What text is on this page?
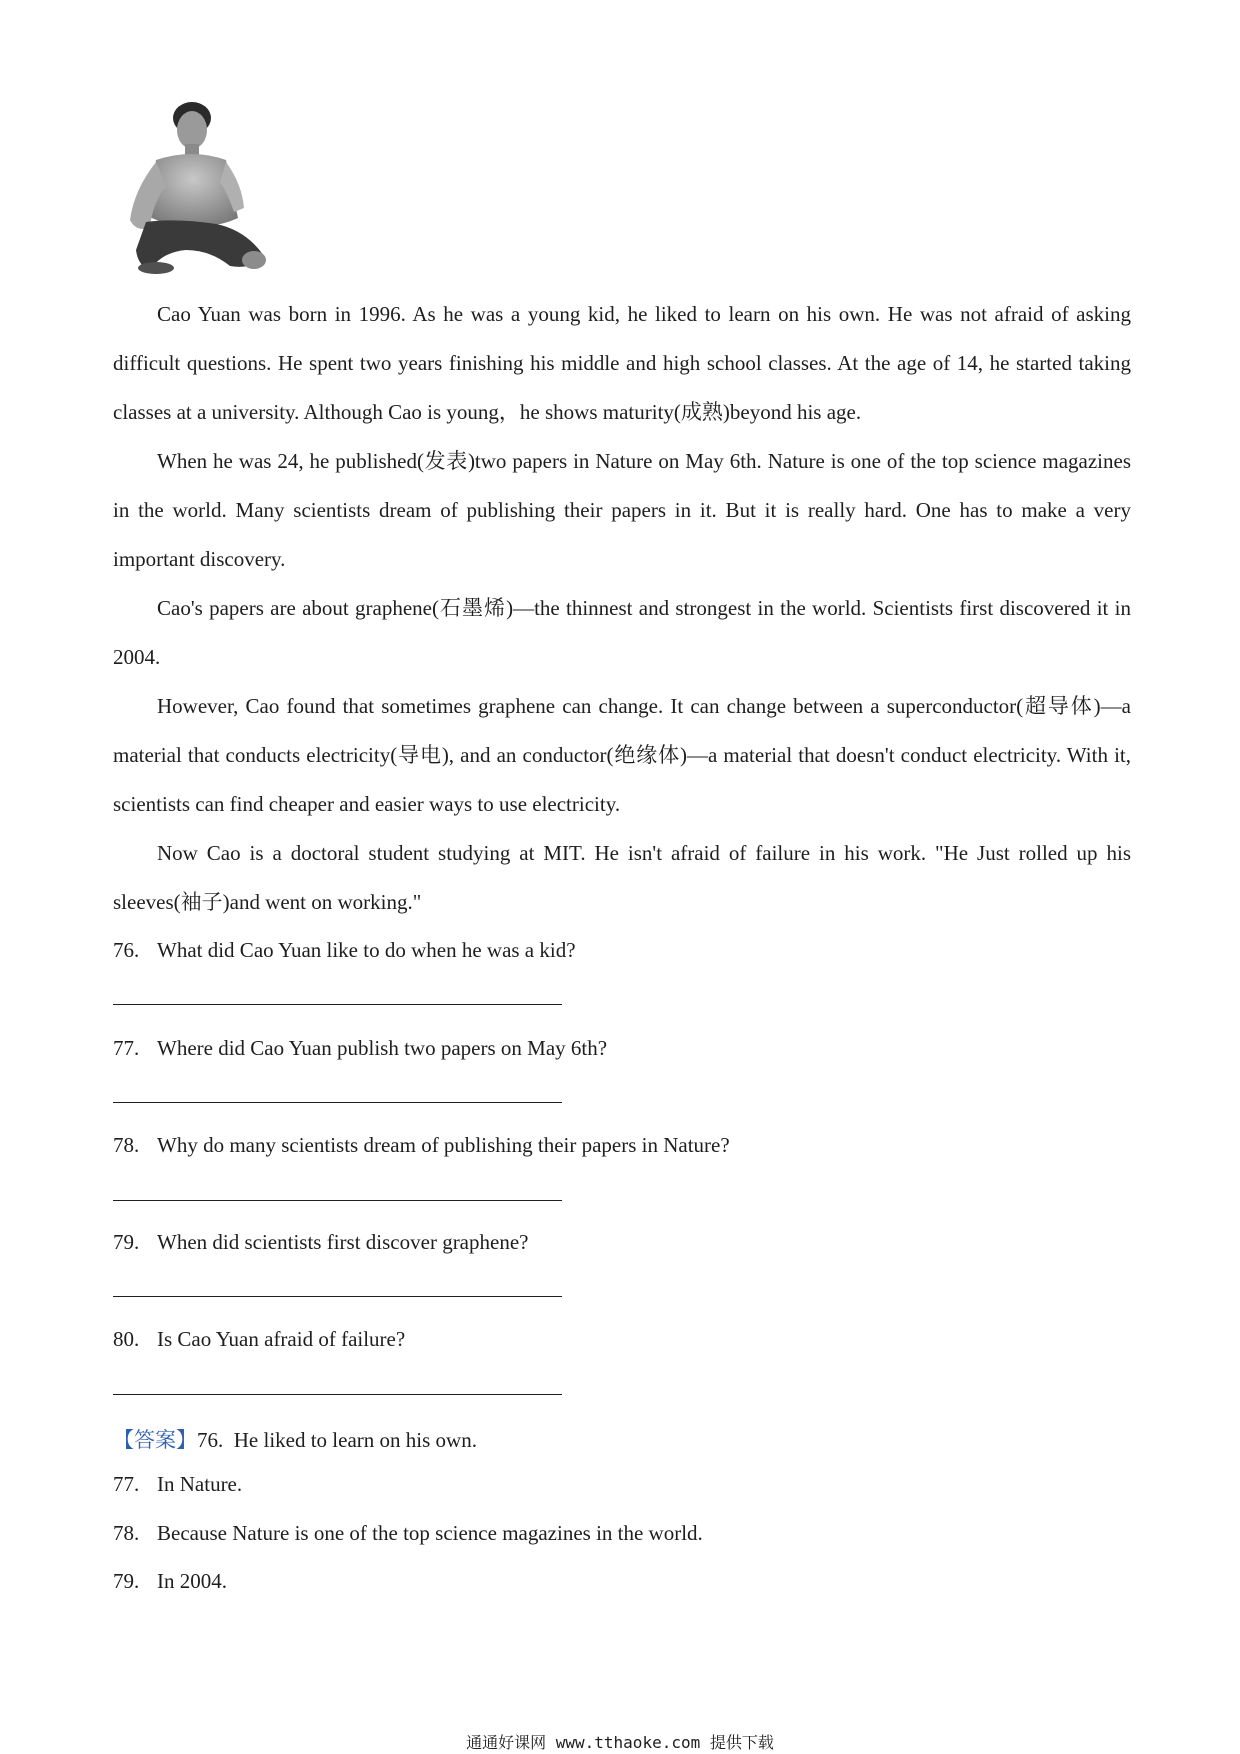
Cao Yuan was born in 1996. As he was a young kid, he liked to learn on his own. He was not afraid of asking difficult questions. He spent two years finishing his middle and high school classes. At the age of 14, he started taking classes at a university. Although Cao is young，he shows maturity(成熟)beyond his age.

When he was 24, he published(发表)two papers in Nature on May 6th. Nature is one of the top science magazines in the world. Many scientists dream of publishing their papers in it. But it is really hard. One has to make a very important discovery.

Cao's papers are about graphene(石墨烯)—the thinnest and strongest in the world. Scientists first discovered it in 2004.

However, Cao found that sometimes graphene can change. It can change between a superconductor(超导体)—a material that conducts electricity(导电), and an conductor(绝缘体)—a material that doesn't conduct electricity. With it, scientists can find cheaper and easier ways to use electricity.

Now Cao is a doctoral student studying at MIT. He isn't afraid of failure in his work. "He Just rolled up his sleeves(袖子)and went on working."

76. What did Cao Yuan like to do when he was a kid?
77. Where did Cao Yuan publish two papers on May 6th?
78. Why do many scientists dream of publishing their papers in Nature?
79. When did scientists first discover graphene?
80. Is Cao Yuan afraid of failure?
【答案】76. He liked to learn on his own.
77. In Nature.
78. Because Nature is one of the top science magazines in the world.
79. In 2004.
通通好课网 www.tthaoke.com 提供下载
